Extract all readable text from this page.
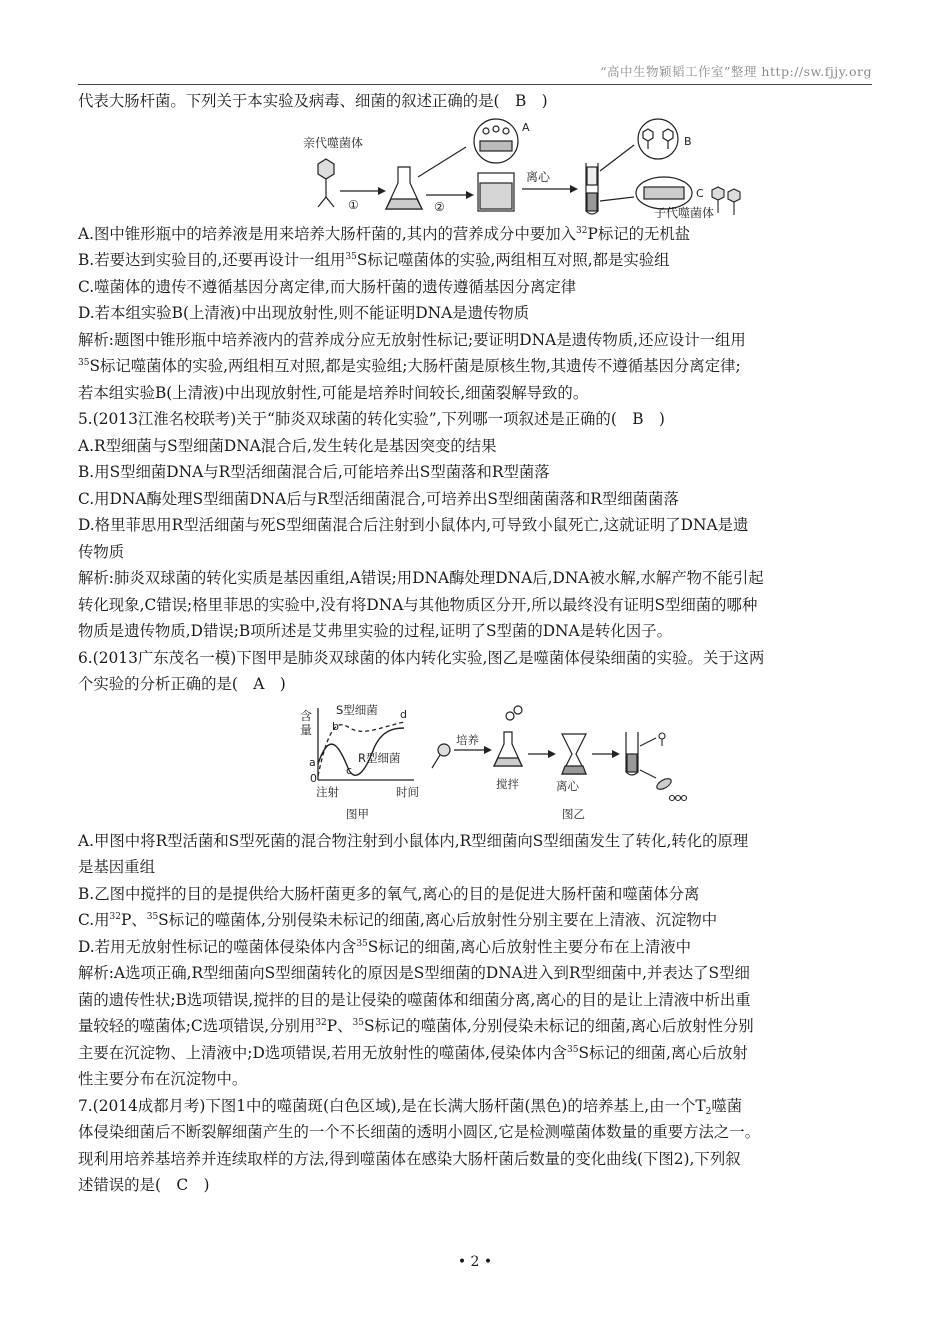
“高中生物颖韬工作室”整理 http://sw.fjjy.org
代表大肠杆菌。下列关于本实验及病毒、细菌的叙述正确的是(　B　)
亲代噬菌体
①	②
A
离心
B
C
子代噬菌体
A.图中锥形瓶中的培养液是用来培养大肠杆菌的,其内的营养成分中要加入$^{32}$P标记的无机盐
B.若要达到实验目的,还要再设计一组用$^{35}$S标记噬菌体的实验,两组相互对照,都是实验组
C.噬菌体的遗传不遵循基因分离定律,而大肠杆菌的遗传遵循基因分离定律
D.若本组实验B(上清液)中出现放射性,则不能证明DNA是遗传物质
解析:题图中锥形瓶中培养液内的营养成分应无放射性标记;要证明DNA是遗传物质,还应设计一组用
$^{35}$S标记噬菌体的实验,两组相互对照,都是实验组;大肠杆菌是原核生物,其遗传不遵循基因分离定律;
若本组实验B(上清液)中出现放射性,可能是培养时间较长,细菌裂解导致的。
5.(2013江淮名校联考)关于“肺炎双球菌的转化实验”,下列哪一项叙述是正确的(　B　)
A.R型细菌与S型细菌DNA混合后,发生转化是基因突变的结果
B.用S型细菌DNA与R型活细菌混合后,可能培养出S型菌落和R型菌落
C.用DNA酶处理S型细菌DNA后与R型活细菌混合,可培养出S型细菌菌落和R型细菌菌落
D.格里菲思用R型活细菌与死S型细菌混合后注射到小鼠体内,可导致小鼠死亡,这就证明了DNA是遗
传物质
解析:肺炎双球菌的转化实质是基因重组,A错误;用DNA酶处理DNA后,DNA被水解,水解产物不能引起
转化现象,C错误;格里菲思的实验中,没有将DNA与其他物质区分开,所以最终没有证明S型细菌的哪种
物质是遗传物质,D错误;B项所述是艾弗里实验的过程,证明了S型菌的DNA是转化因子。
6.(2013广东茂名一模)下图甲是肺炎双球菌的体内转化实验,图乙是噬菌体侵染细菌的实验。关于这两
个实验的分析正确的是(　A　)
含
量
S型细菌
R型细菌
a
b
c
d
0
注射	时间
图甲
培养
搅拌	离心
图乙
A.甲图中将R型活菌和S型死菌的混合物注射到小鼠体内,R型细菌向S型细菌发生了转化,转化的原理
是基因重组
B.乙图中搅拌的目的是提供给大肠杆菌更多的氧气,离心的目的是促进大肠杆菌和噬菌体分离
C.用$^{32}$P、$^{35}$S标记的噬菌体,分别侵染未标记的细菌,离心后放射性分别主要在上清液、沉淀物中
D.若用无放射性标记的噬菌体侵染体内含$^{35}$S标记的细菌,离心后放射性主要分布在上清液中
解析:A选项正确,R型细菌向S型细菌转化的原因是S型细菌的DNA进入到R型细菌中,并表达了S型细
菌的遗传性状;B选项错误,搅拌的目的是让侵染的噬菌体和细菌分离,离心的目的是让上清液中析出重
量较轻的噬菌体;C选项错误,分别用$^{32}$P、$^{35}$S标记的噬菌体,分别侵染未标记的细菌,离心后放射性分别
主要在沉淀物、上清液中;D选项错误,若用无放射性的噬菌体,侵染体内含$^{35}$S标记的细菌,离心后放射
性主要分布在沉淀物中。
7.(2014成都月考)下图1中的噬菌斑(白色区域),是在长满大肠杆菌(黑色)的培养基上,由一个$T_2$噬菌
体侵染细菌后不断裂解细菌产生的一个不长细菌的透明小圆区,它是检测噬菌体数量的重要方法之一。
现利用培养基培养并连续取样的方法,得到噬菌体在感染大肠杆菌后数量的变化曲线(下图2),下列叙
述错误的是(　C　)
• 2 •
